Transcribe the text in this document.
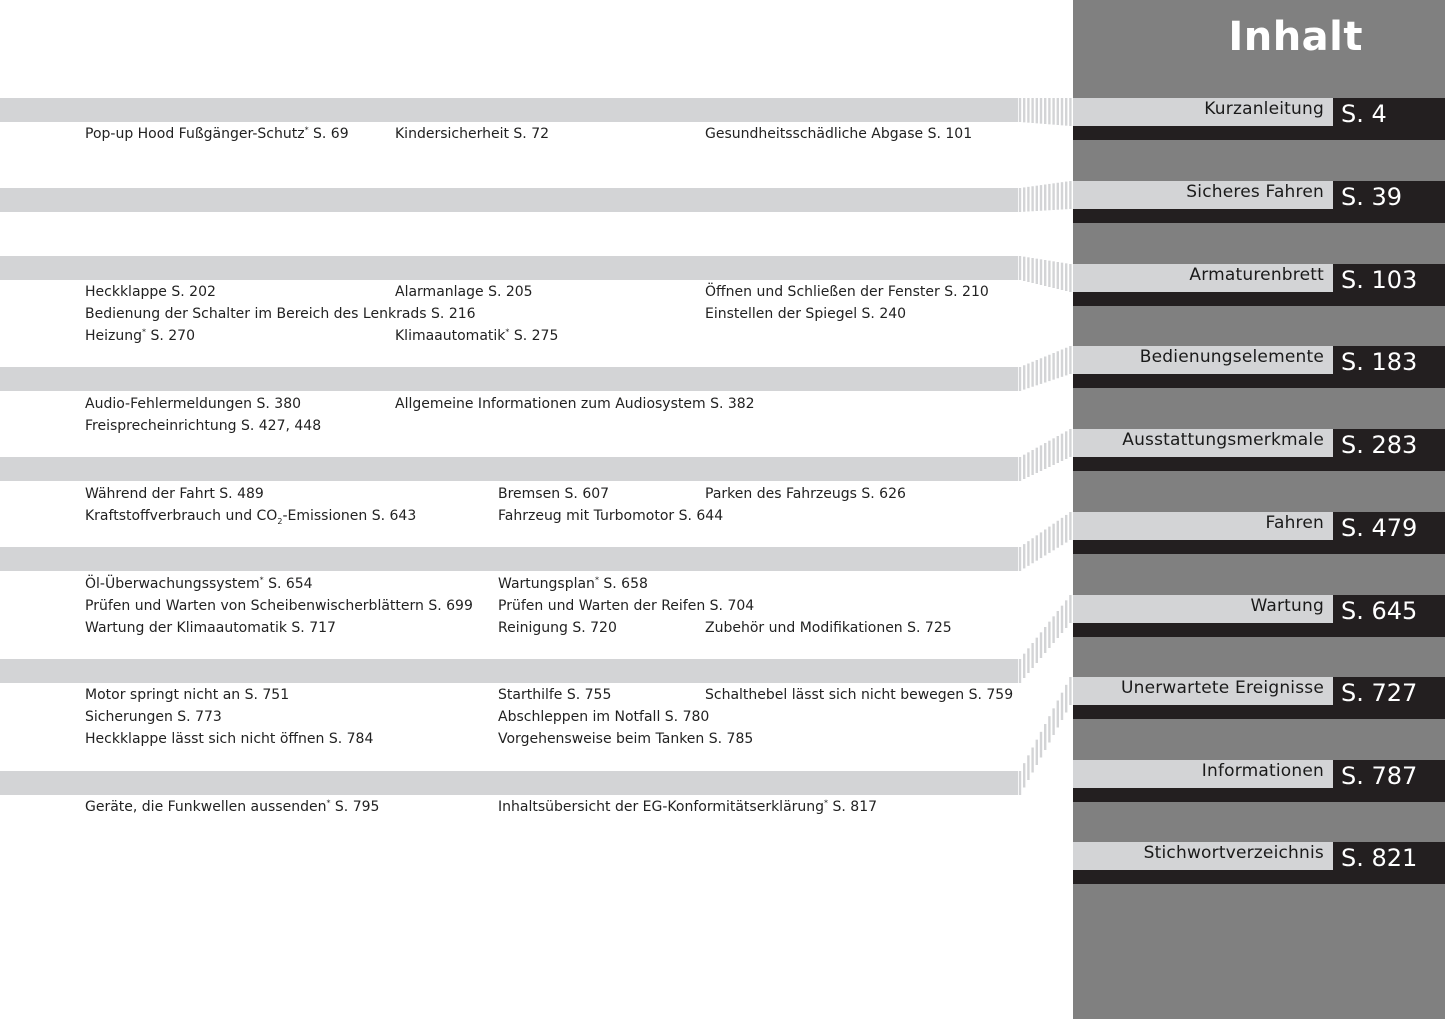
Inhalt
Kurzanleitung S. 4
Sicheres Fahren S. 39
Armaturenbrett S. 103
Bedienungselemente S. 183
Ausstattungsmerkmale S. 283
Fahren S. 479
Wartung S. 645
Unerwartete Ereignisse S. 727
Informationen S. 787
Stichwortverzeichnis S. 821
Pop-up Hood Fußgänger-Schutz* S. 69	Kindersicherheit S. 72	Gesundheitsschädliche Abgase S. 101
Heckklappe S. 202	Alarmanlage S. 205	Öffnen und Schließen der Fenster S. 210
Bedienung der Schalter im Bereich des Lenkrads S. 216	Einstellen der Spiegel S. 240
Heizung* S. 270	Klimaautomatik* S. 275
Audio-Fehlermeldungen S. 380	Allgemeine Informationen zum Audiosystem S. 382
Freisprecheinrichtung S. 427, 448
Während der Fahrt S. 489	Bremsen S. 607	Parken des Fahrzeugs S. 626
Kraftstoffverbrauch und $CO_2$-Emissionen S. 643	Fahrzeug mit Turbomotor S. 644
Öl-Überwachungssystem* S. 654	Wartungsplan* S. 658
Prüfen und Warten von Scheibenwischerblättern S. 699 Prüfen und Warten der Reifen S. 704
Wartung der Klimaautomatik S. 717	Reinigung S. 720	Zubehör und Modifikationen S. 725
Motor springt nicht an S. 751	Starthilfe S. 755	Schalthebel lässt sich nicht bewegen S. 759
Sicherungen S. 773	Abschleppen im Notfall S. 780
Heckklappe lässt sich nicht öffnen S. 784	Vorgehensweise beim Tanken S. 785
Geräte, die Funkwellen aussenden* S. 795	Inhaltsübersicht der EG-Konformitätserklärung* S. 817
